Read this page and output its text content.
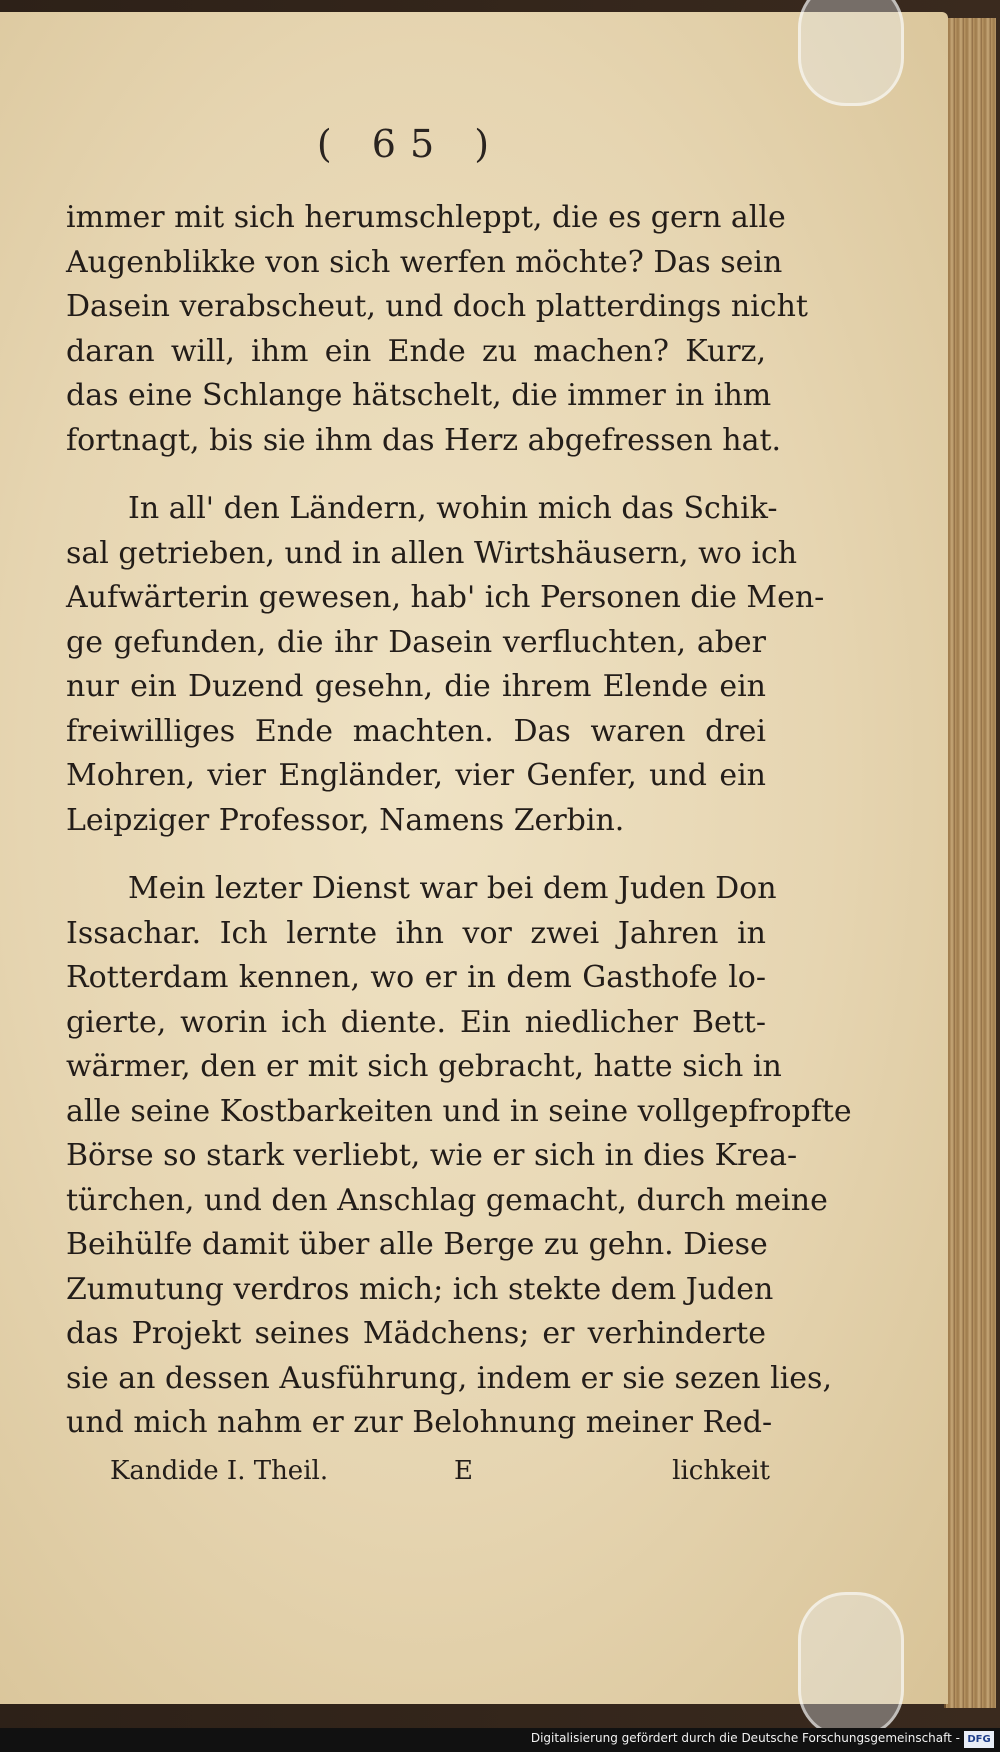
( 65 )
immer mit sich herumschleppt, die es gern alle
Augenblikke von sich werfen möchte? Das sein
Dasein verabscheut, und doch platterdings nicht
daran will, ihm ein Ende zu machen? Kurz,
das eine Schlange hätschelt, die immer in ihm
fortnagt, bis sie ihm das Herz abgefressen hat.
In all' den Ländern, wohin mich das Schik-
sal getrieben, und in allen Wirtshäusern, wo ich
Aufwärterin gewesen, hab' ich Personen die Men-
ge gefunden, die ihr Dasein verfluchten, aber
nur ein Duzend gesehn, die ihrem Elende ein
freiwilliges Ende machten. Das waren drei
Mohren, vier Engländer, vier Genfer, und ein
Leipziger Professor, Namens Zerbin.
Mein lezter Dienst war bei dem Juden Don
Issachar. Ich lernte ihn vor zwei Jahren in
Rotterdam kennen, wo er in dem Gasthofe lo-
gierte, worin ich diente. Ein niedlicher Bett-
wärmer, den er mit sich gebracht, hatte sich in
alle seine Kostbarkeiten und in seine vollgepfropfte
Börse so stark verliebt, wie er sich in dies Krea-
türchen, und den Anschlag gemacht, durch meine
Beihülfe damit über alle Berge zu gehn. Diese
Zumutung verdros mich; ich stekte dem Juden
das Projekt seines Mädchens; er verhinderte
sie an dessen Ausführung, indem er sie sezen lies,
und mich nahm er zur Belohnung meiner Red-
Kandide I. Theil.	E	lichkeit
Digitalisierung gefördert durch die Deutsche Forschungsgemeinschaft - DFG
